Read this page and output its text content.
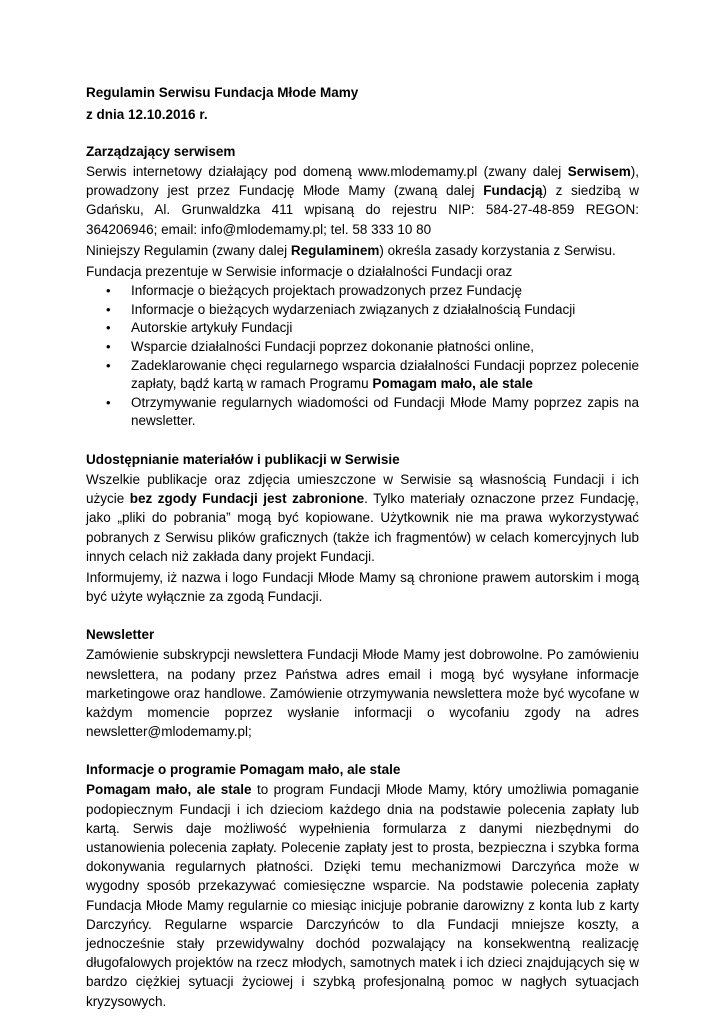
Regulamin Serwisu Fundacja Młode Mamy
z dnia 12.10.2016 r.
Zarządzający serwisem

Serwis internetowy działający pod domeną www.mlodemamy.pl (zwany dalej Serwisem), prowadzony jest przez Fundację Młode Mamy (zwaną dalej Fundacją) z siedzibą w Gdańsku, Al. Grunwaldzka 411 wpisaną do rejestru NIP: 584-27-48-859 REGON: 364206946; email: info@mlodemamy.pl; tel. 58 333 10 80

Niniejszy Regulamin (zwany dalej Regulaminem) określa zasady korzystania z Serwisu.

Fundacja prezentuje w Serwisie informacje o działalności Fundacji oraz

• Informacje o bieżących projektach prowadzonych przez Fundację
• Informacje o bieżących wydarzeniach związanych z działalnością Fundacji
• Autorskie artykuły Fundacji
• Wsparcie działalności Fundacji poprzez dokonanie płatności online,
• Zadeklarowanie chęci regularnego wsparcia działalności Fundacji poprzez polecenie zapłaty, bądź kartą w ramach Programu Pomagam mało, ale stale
• Otrzymywanie regularnych wiadomości od Fundacji Młode Mamy poprzez zapis na newsletter.
Udostępnianie materiałów i publikacji w Serwisie

Wszelkie publikacje oraz zdjęcia umieszczone w Serwisie są własnością Fundacji i ich użycie bez zgody Fundacji jest zabronione. Tylko materiały oznaczone przez Fundację, jako „pliki do pobrania” mogą być kopiowane. Użytkownik nie ma prawa wykorzystywać pobranych z Serwisu plików graficznych (także ich fragmentów) w celach komercyjnych lub innych celach niż zakłada dany projekt Fundacji.

Informujemy, iż nazwa i logo Fundacji Młode Mamy są chronione prawem autorskim i mogą być użyte wyłącznie za zgodą Fundacji.

Newsletter

Zamówienie subskrypcji newslettera Fundacji Młode Mamy jest dobrowolne. Po zamówieniu newslettera, na podany przez Państwa adres email i mogą być wysyłane informacje marketingowe oraz handlowe. Zamówienie otrzymywania newslettera może być wycofane w każdym momencie poprzez wysłanie informacji o wycofaniu zgody na adres newsletter@mlodemamy.pl;

Informacje o programie Pomagam mało, ale stale

Pomagam mało, ale stale to program Fundacji Młode Mamy, który umożliwia pomaganie podopiecznym Fundacji i ich dzieciom każdego dnia na podstawie polecenia zapłaty lub kartą. Serwis daje możliwość wypełnienia formularza z danymi niezbędnymi do ustanowienia polecenia zapłaty. Polecenie zapłaty jest to prosta, bezpieczna i szybka forma dokonywania regularnych płatności. Dzięki temu mechanizmowi Darczyńca może w wygodny sposób przekazywać comiesięczne wsparcie. Na podstawie polecenia zapłaty Fundacja Młode Mamy regularnie co miesiąc inicjuje pobranie darowizny z konta lub z karty Darczyńcy. Regularne wsparcie Darczyńców to dla Fundacji mniejsze koszty, a jednocześnie stały przewidywalny dochód pozwalający na konsekwentną realizację długofalowych projektów na rzecz młodych, samotnych matek i ich dzieci znajdujących się w bardzo ciężkiej sytuacji życiowej i szybką profesjonalną pomoc w nagłych sytuacjach kryzysowych.
